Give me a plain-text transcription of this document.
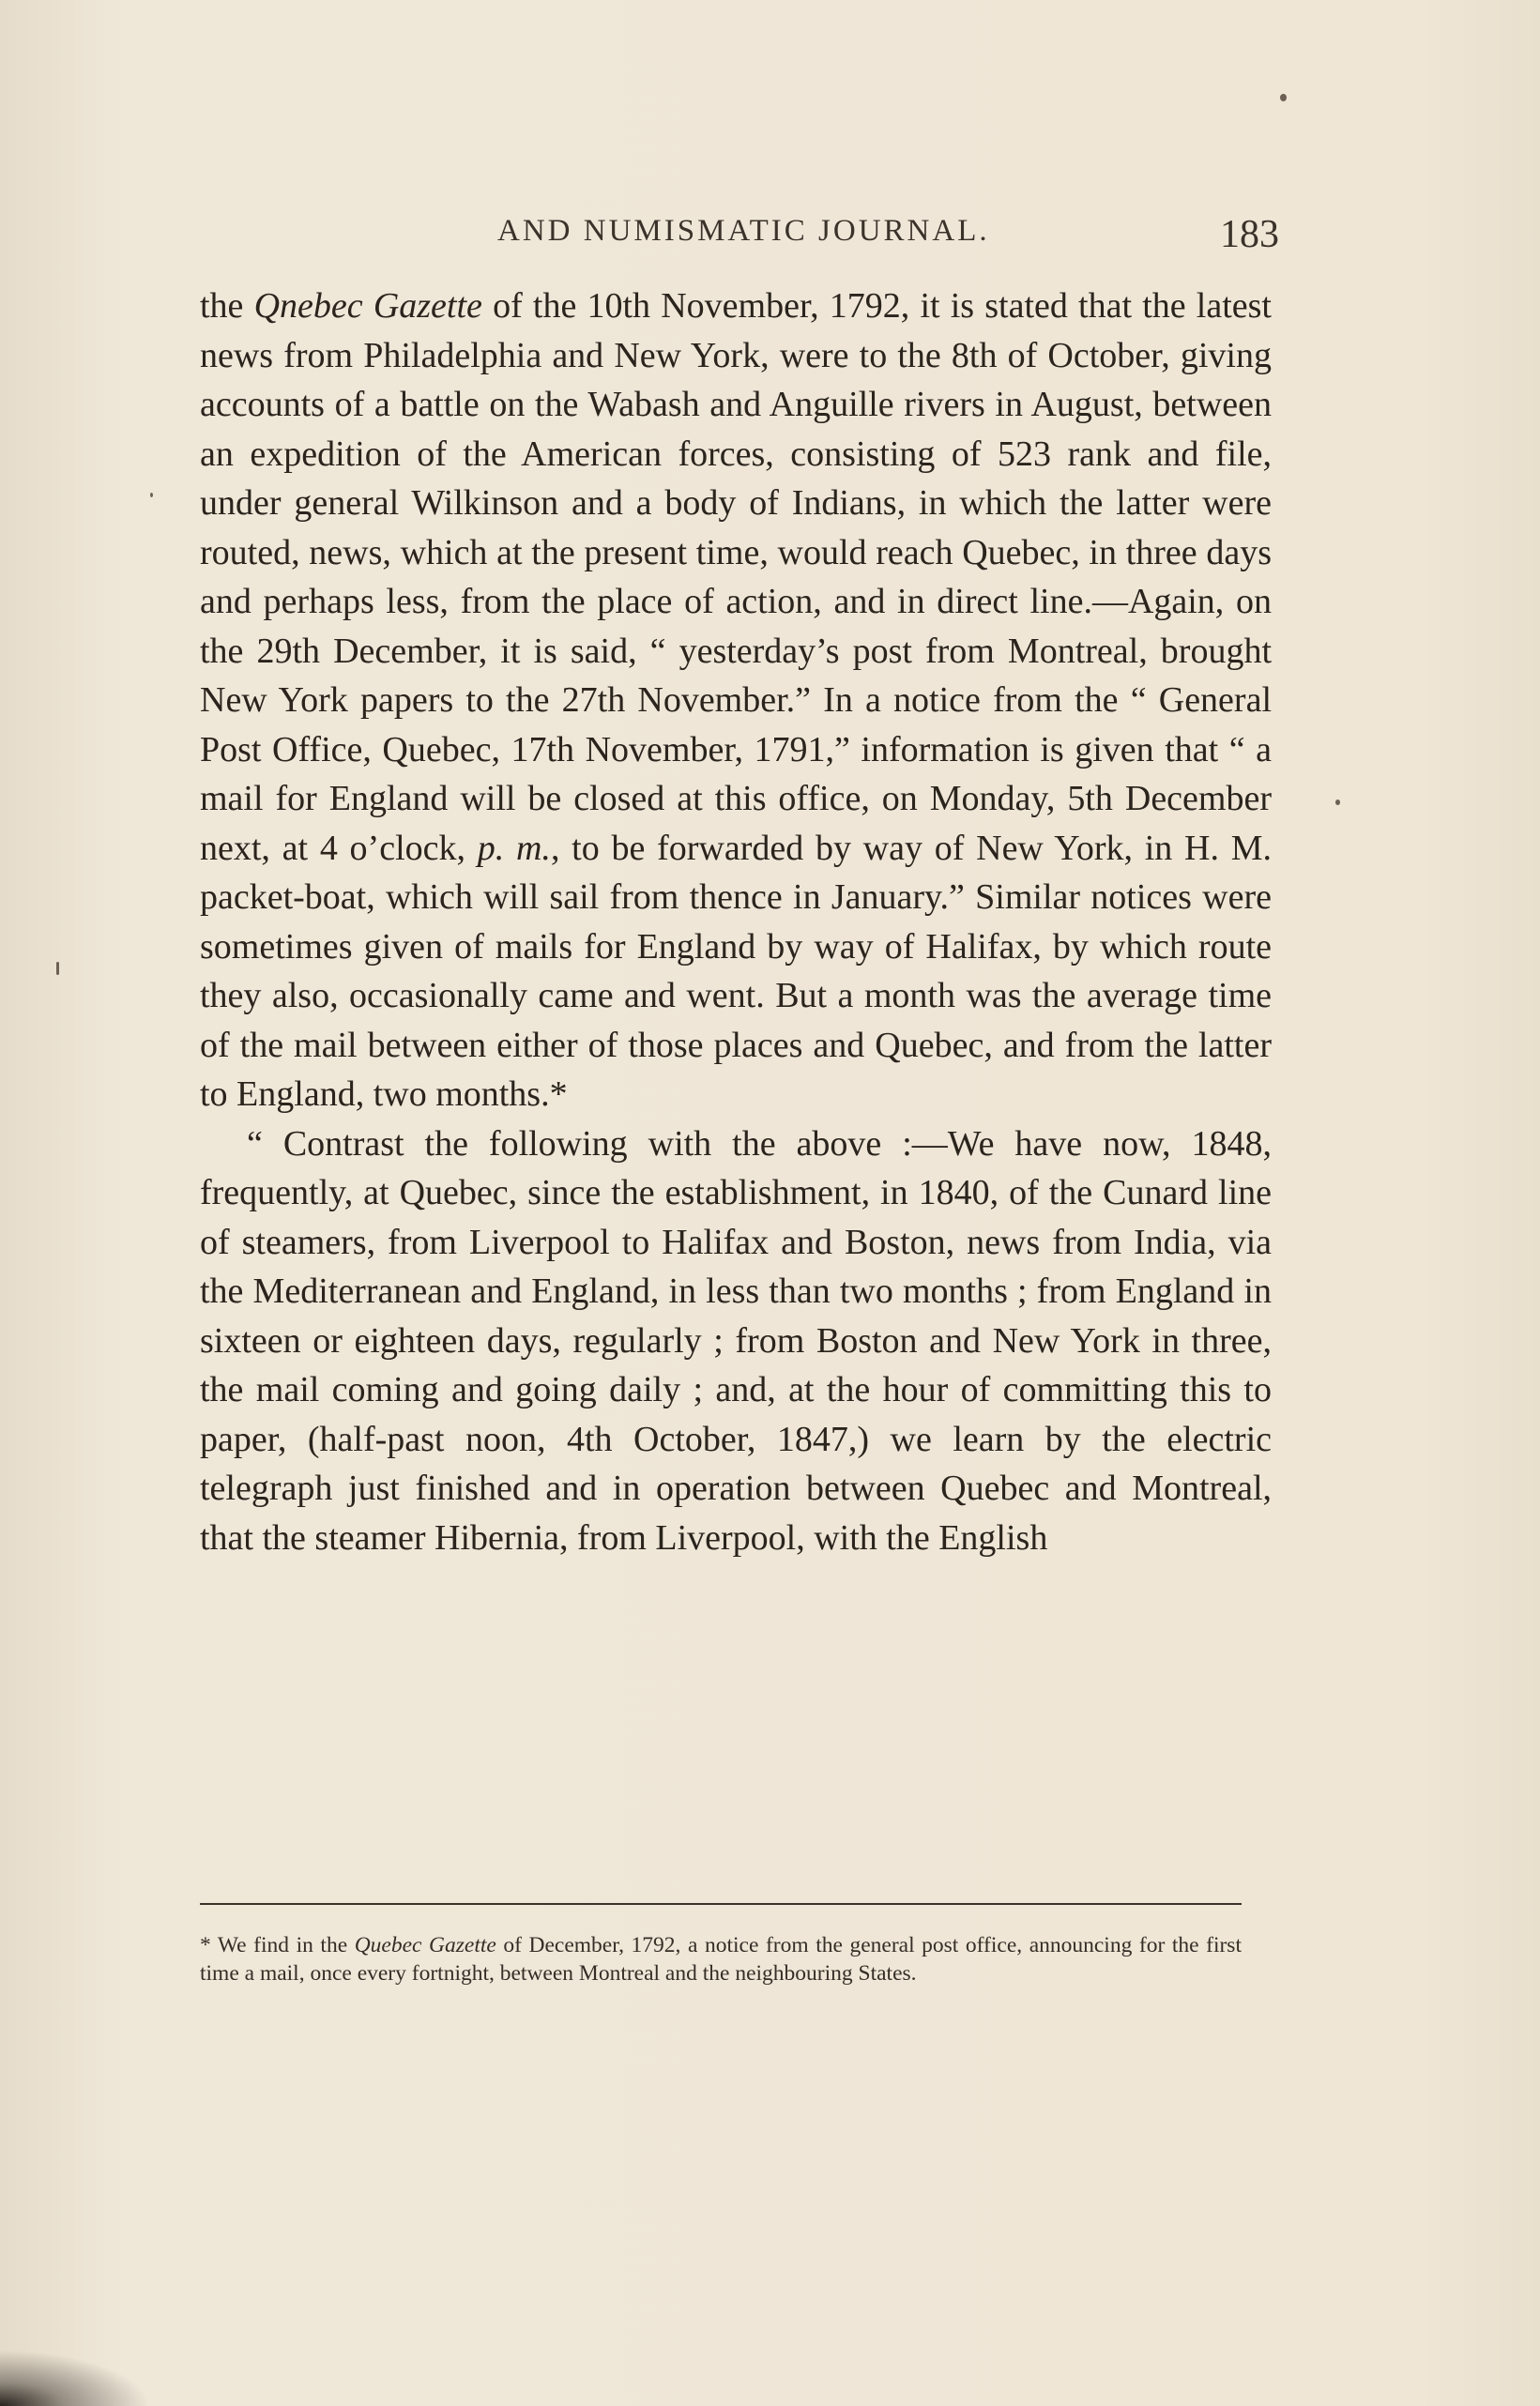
AND NUMISMATIC JOURNAL.	183

the Qnebec Gazette of the 10th November, 1792, it is stated that the latest news from Philadelphia and New York, were to the 8th of October, giving accounts of a battle on the Wabash and Anguille rivers in August, between an expedition of the American forces, consisting of 523 rank and file, under general Wilkinson and a body of Indians, in which the latter were routed, news, which at the present time, would reach Quebec, in three days and perhaps less, from the place of action, and in direct line.—Again, on the 29th December, it is said, “ yesterday’s post from Montreal, brought New York papers to the 27th November.” In a notice from the “ General Post Office, Quebec, 17th November, 1791,” information is given that “ a mail for England will be closed at this office, on Monday, 5th December next, at 4 o’clock, p. m., to be forwarded by way of New York, in H. M. packet-boat, which will sail from thence in January.” Similar notices were sometimes given of mails for England by way of Halifax, by which route they also, occasionally came and went. But a month was the average time of the mail between either of those places and Quebec, and from the latter to England, two months.*

“ Contrast the following with the above :—We have now, 1848, frequently, at Quebec, since the establishment, in 1840, of the Cunard line of steamers, from Liverpool to Halifax and Boston, news from India, via the Mediterranean and England, in less than two months ; from England in sixteen or eighteen days, regularly ; from Boston and New York in three, the mail coming and going daily ; and, at the hour of committing this to paper, (half-past noon, 4th October, 1847,) we learn by the electric telegraph just finished and in operation between Quebec and Montreal, that the steamer Hibernia, from Liverpool, with the English

* We find in the Quebec Gazette of December, 1792, a notice from the general post office, announcing for the first time a mail, once every fortnight, between Montreal and the neighbouring States.
